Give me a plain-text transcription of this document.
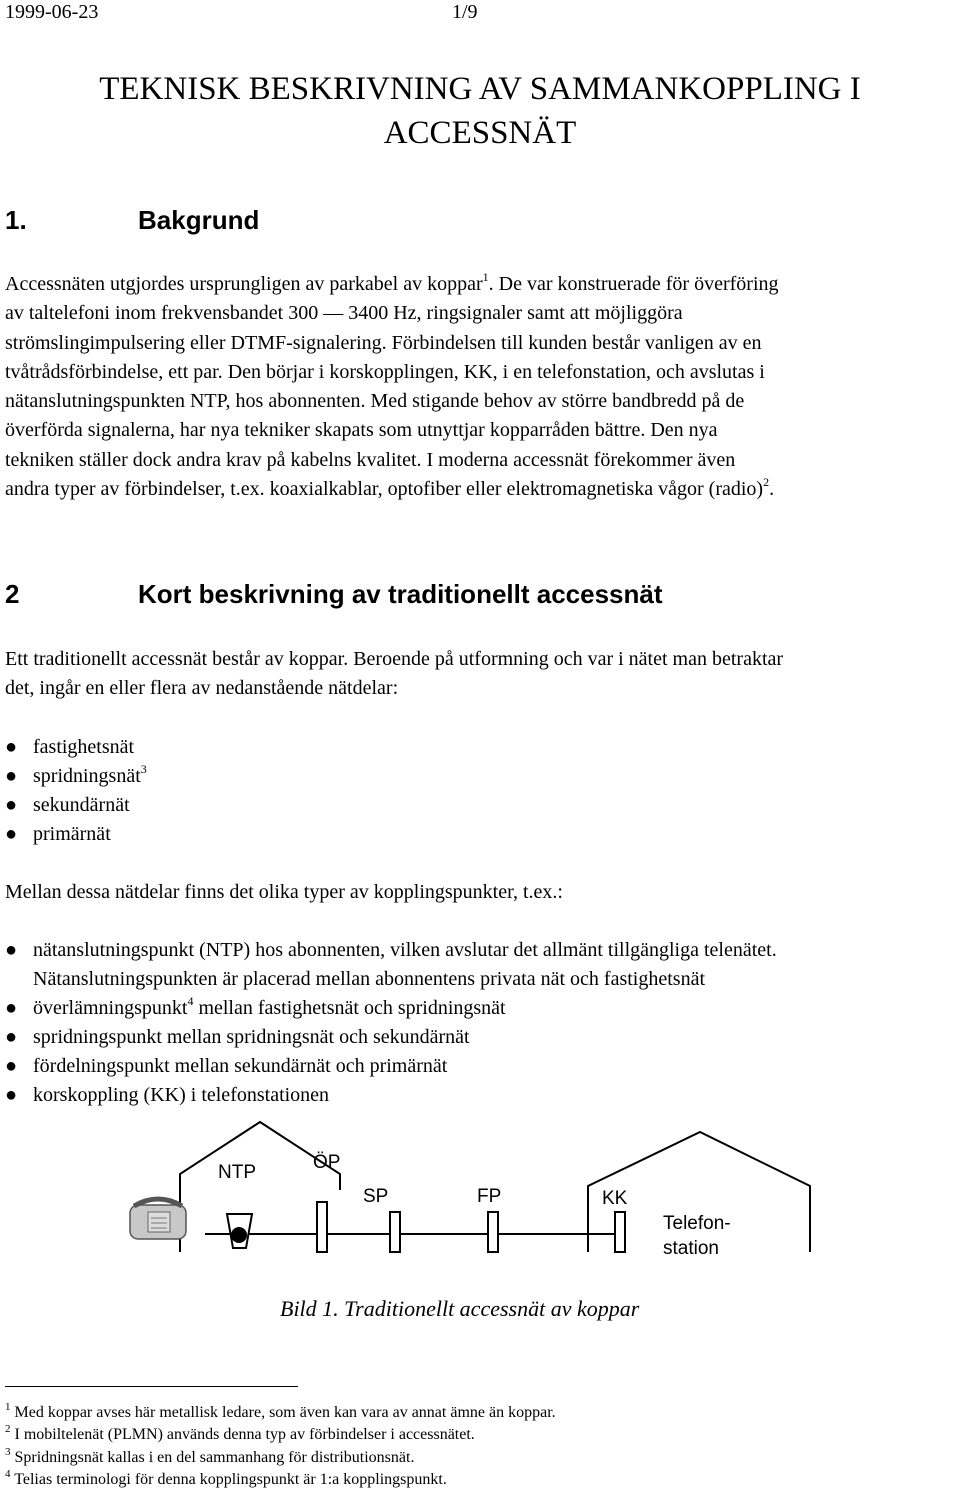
1999-06-23	1/9
TEKNISK BESKRIVNING AV SAMMANKOPPLING I
ACCESSNÄT
1.	Bakgrund
Accessnäten utgjordes ursprungligen av parkabel av koppar$^1$. De var konstruerade för överföring
av taltelefoni inom frekvensbandet 300 — 3400 Hz, ringsignaler samt att möjliggöra
strömslingimpulsering eller DTMF-signalering. Förbindelsen till kunden består vanligen av en
tvåtrådsförbindelse, ett par. Den börjar i korskopplingen, KK, i en telefonstation, och avslutas i
nätanslutningspunkten NTP, hos abonnenten. Med stigande behov av större bandbredd på de
överförda signalerna, har nya tekniker skapats som utnyttjar kopparråden bättre. Den nya
tekniken ställer dock andra krav på kabelns kvalitet. I moderna accessnät förekommer även
andra typer av förbindelser, t.ex. koaxialkablar, optofiber eller elektromagnetiska vågor (radio)$^2$.
2	Kort beskrivning av traditionellt accessnät
Ett traditionellt accessnät består av koppar. Beroende på utformning och var i nätet man betraktar
det, ingår en eller flera av nedanstående nätdelar:
● fastighetsnät
● spridningsnät$^3$
● sekundärnät
● primärnät
Mellan dessa nätdelar finns det olika typer av kopplingspunkter, t.ex.:
● nätanslutningspunkt (NTP) hos abonnenten, vilken avslutar det allmänt tillgängliga telenätet.
Nätanslutningspunkten är placerad mellan abonnentens privata nät och fastighetsnät
● överlämningspunkt$^4$ mellan fastighetsnät och spridningsnät
● spridningspunkt mellan spridningsnät och sekundärnät
● fördelningspunkt mellan sekundärnät och primärnät
● korskoppling (KK) i telefonstationen
NTP	ÖP
SP	FP	KK
Telefon-
station
Bild 1. Traditionellt accessnät av koppar
$^1$ Med koppar avses här metallisk ledare, som även kan vara av annat ämne än koppar.
$^2$ I mobiltelenät (PLMN) används denna typ av förbindelser i accessnätet.
$^3$ Spridningsnät kallas i en del sammanhang för distributionsnät.
$^4$ Telias terminologi för denna kopplingspunkt är 1:a kopplingspunkt.
